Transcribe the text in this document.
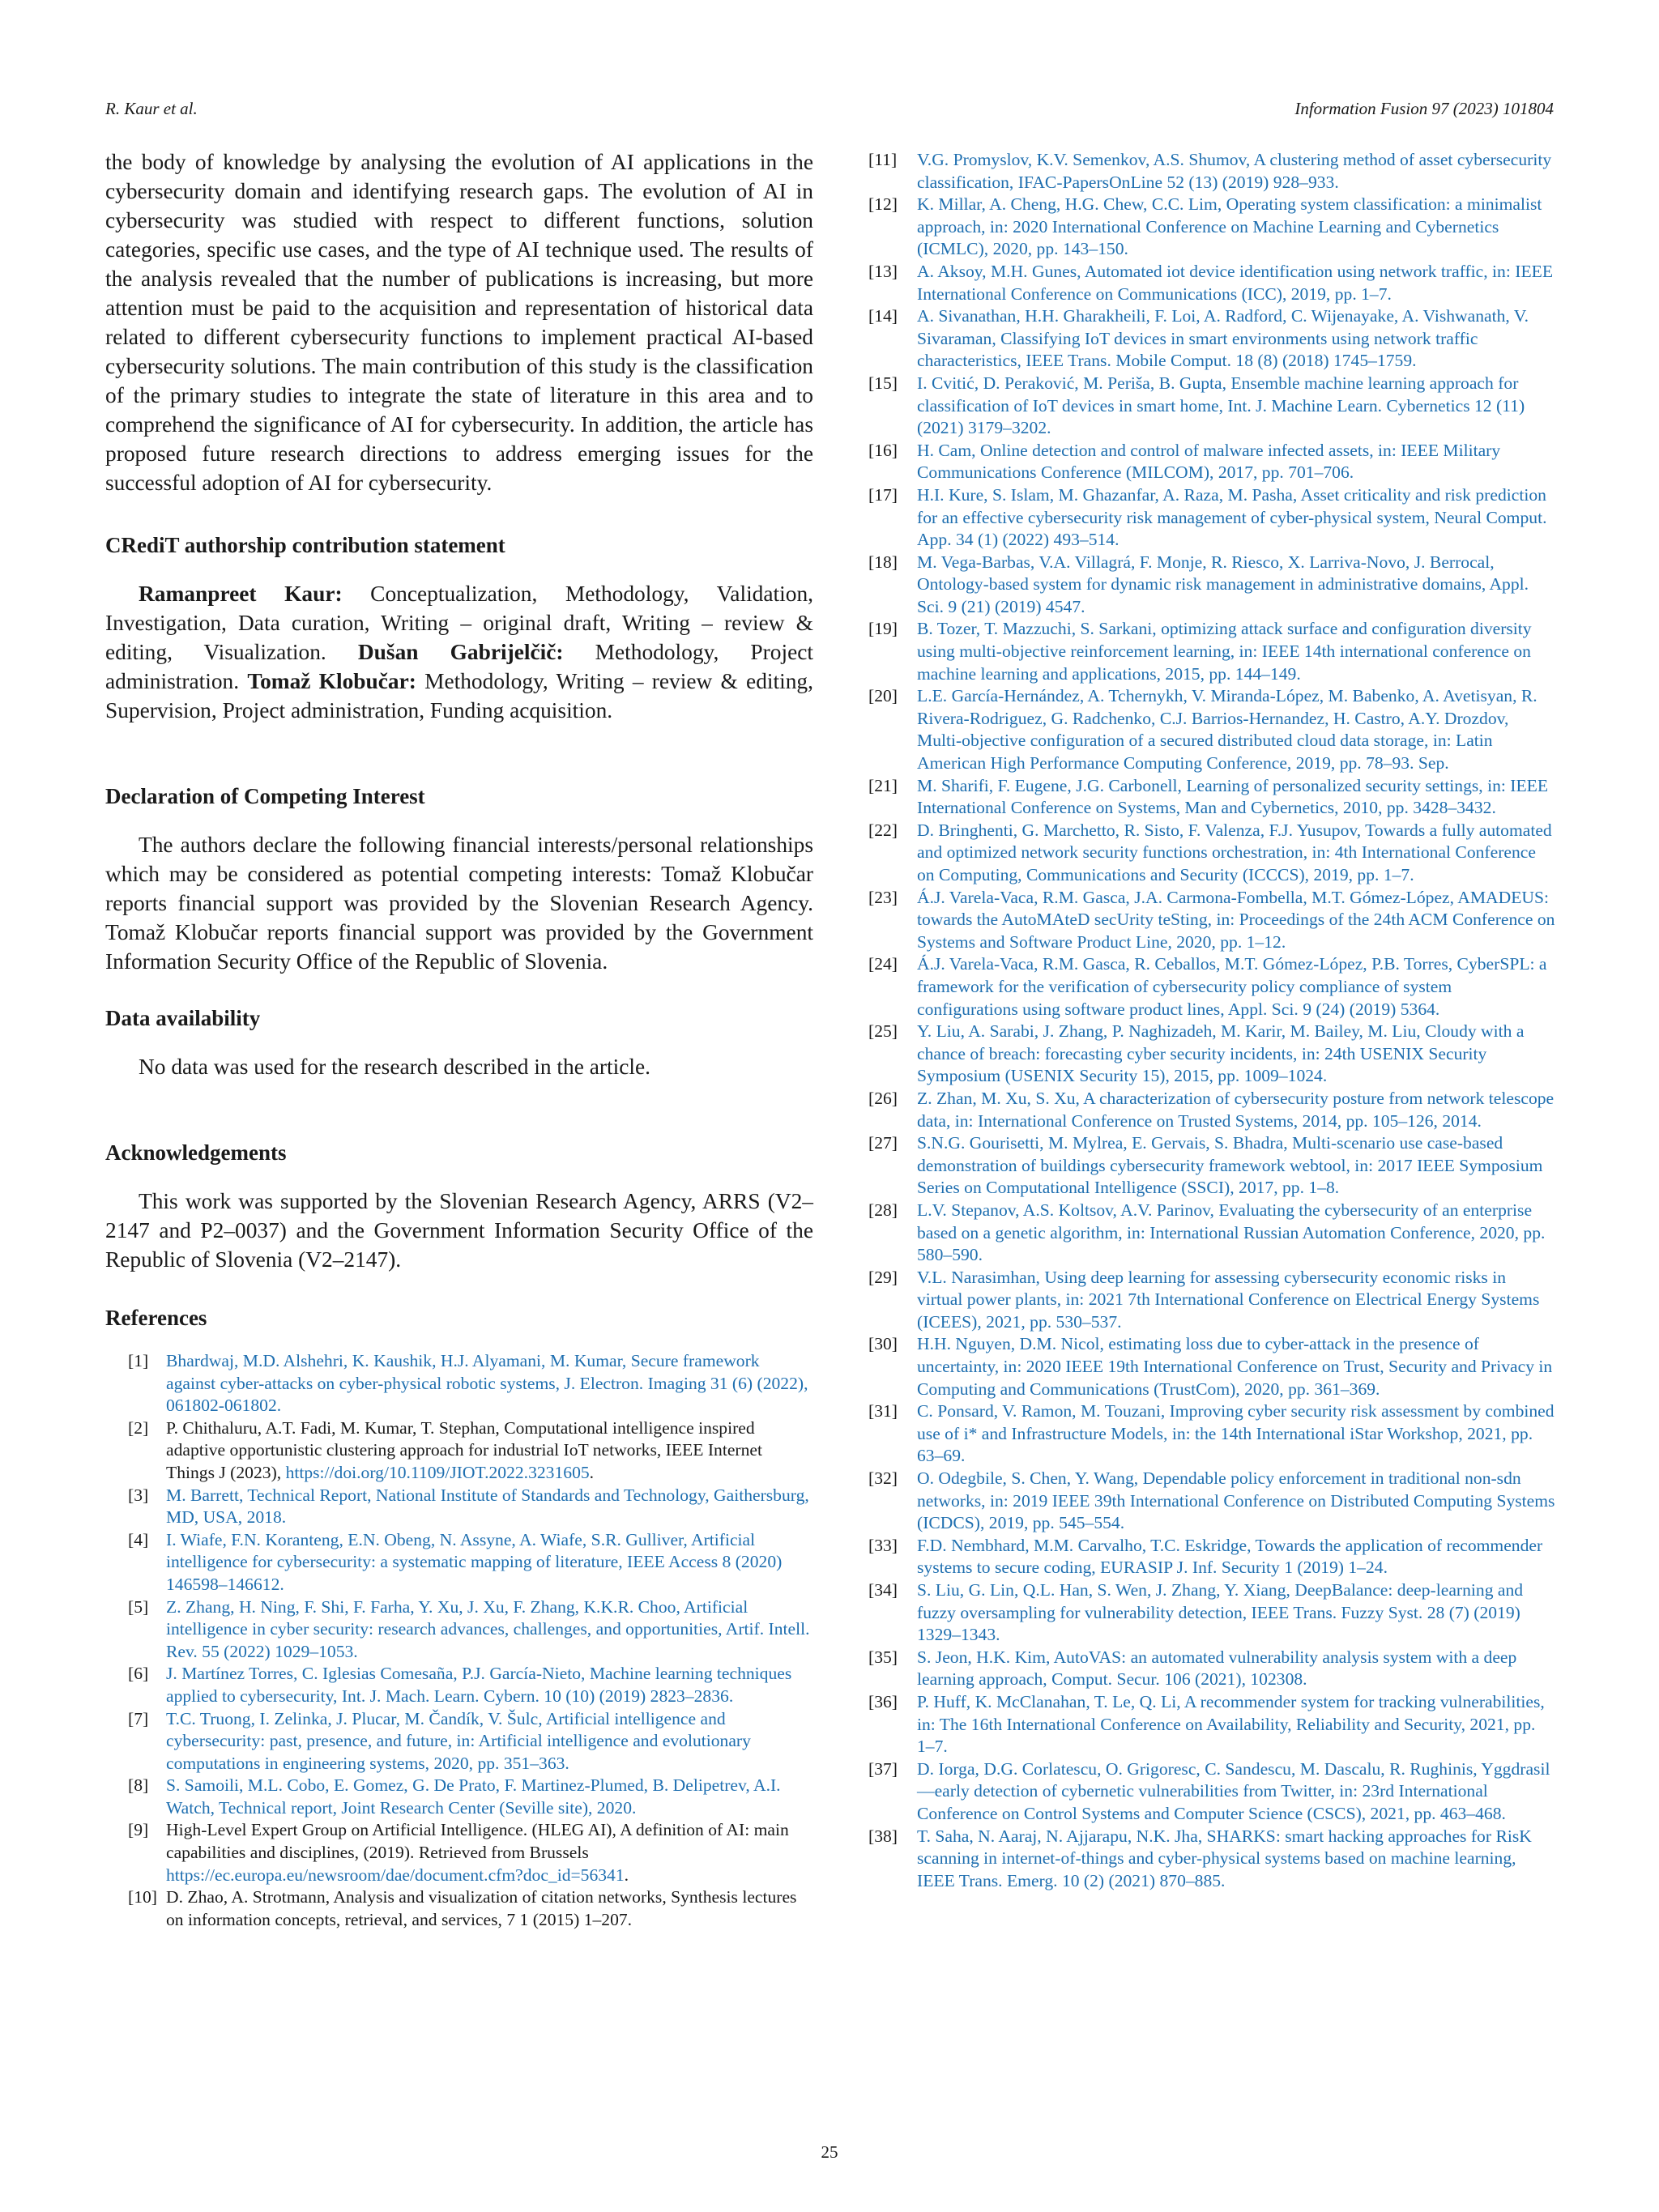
R. Kaur et al.	Information Fusion 97 (2023) 101804

the body of knowledge by analysing the evolution of AI applications in the cybersecurity domain and identifying research gaps. The evolution of AI in cybersecurity was studied with respect to different functions, solution categories, specific use cases, and the type of AI technique used. The results of the analysis revealed that the number of publications is increasing, but more attention must be paid to the acquisition and representation of historical data related to different cybersecurity functions to implement practical AI-based cybersecurity solutions. The main contribution of this study is the classification of the primary studies to integrate the state of literature in this area and to comprehend the significance of AI for cybersecurity. In addition, the article has proposed future research directions to address emerging issues for the successful adoption of AI for cybersecurity.

CRediT authorship contribution statement

Ramanpreet Kaur: Conceptualization, Methodology, Validation, Investigation, Data curation, Writing – original draft, Writing – review & editing, Visualization. Dušan Gabrijelčič: Methodology, Project administration. Tomaž Klobučar: Methodology, Writing – review & editing, Supervision, Project administration, Funding acquisition.

Declaration of Competing Interest

The authors declare the following financial interests/personal relationships which may be considered as potential competing interests: Tomaž Klobučar reports financial support was provided by the Slovenian Research Agency. Tomaž Klobučar reports financial support was provided by the Government Information Security Office of the Republic of Slovenia.

Data availability

No data was used for the research described in the article.

Acknowledgements

This work was supported by the Slovenian Research Agency, ARRS (V2–2147 and P2–0037) and the Government Information Security Office of the Republic of Slovenia (V2–2147).

References
[1] Bhardwaj, M.D. Alshehri, K. Kaushik, H.J. Alyamani, M. Kumar, Secure framework against cyber-attacks on cyber-physical robotic systems, J. Electron. Imaging 31 (6) (2022), 061802-061802.
[2] P. Chithaluru, A.T. Fadi, M. Kumar, T. Stephan, Computational intelligence inspired adaptive opportunistic clustering approach for industrial IoT networks, IEEE Internet Things J (2023), https://doi.org/10.1109/JIOT.2022.3231605.
[3] M. Barrett, Technical Report, National Institute of Standards and Technology, Gaithersburg, MD, USA, 2018.
[4] I. Wiafe, F.N. Koranteng, E.N. Obeng, N. Assyne, A. Wiafe, S.R. Gulliver, Artificial intelligence for cybersecurity: a systematic mapping of literature, IEEE Access 8 (2020) 146598–146612.
[5] Z. Zhang, H. Ning, F. Shi, F. Farha, Y. Xu, J. Xu, F. Zhang, K.K.R. Choo, Artificial intelligence in cyber security: research advances, challenges, and opportunities, Artif. Intell. Rev. 55 (2022) 1029–1053.
[6] J. Martínez Torres, C. Iglesias Comesaña, P.J. García-Nieto, Machine learning techniques applied to cybersecurity, Int. J. Mach. Learn. Cybern. 10 (10) (2019) 2823–2836.
[7] T.C. Truong, I. Zelinka, J. Plucar, M. Čandík, V. Šulc, Artificial intelligence and cybersecurity: past, presence, and future, in: Artificial intelligence and evolutionary computations in engineering systems, 2020, pp. 351–363.
[8] S. Samoili, M.L. Cobo, E. Gomez, G. De Prato, F. Martinez-Plumed, B. Delipetrev, A.I. Watch, Technical report, Joint Research Center (Seville site), 2020.
[9] High-Level Expert Group on Artificial Intelligence. (HLEG AI), A definition of AI: main capabilities and disciplines, (2019). Retrieved from Brussels https://ec.europa.eu/newsroom/dae/document.cfm?doc_id=56341.
[10] D. Zhao, A. Strotmann, Analysis and visualization of citation networks, Synthesis lectures on information concepts, retrieval, and services, 7 1 (2015) 1–207.
[11] V.G. Promyslov, K.V. Semenkov, A.S. Shumov, A clustering method of asset cybersecurity classification, IFAC-PapersOnLine 52 (13) (2019) 928–933.
[12] K. Millar, A. Cheng, H.G. Chew, C.C. Lim, Operating system classification: a minimalist approach, in: 2020 International Conference on Machine Learning and Cybernetics (ICMLC), 2020, pp. 143–150.
[13] A. Aksoy, M.H. Gunes, Automated iot device identification using network traffic, in: IEEE International Conference on Communications (ICC), 2019, pp. 1–7.
[14] A. Sivanathan, H.H. Gharakheili, F. Loi, A. Radford, C. Wijenayake, A. Vishwanath, V. Sivaraman, Classifying IoT devices in smart environments using network traffic characteristics, IEEE Trans. Mobile Comput. 18 (8) (2018) 1745–1759.
[15] I. Cvitić, D. Peraković, M. Periša, B. Gupta, Ensemble machine learning approach for classification of IoT devices in smart home, Int. J. Machine Learn. Cybernetics 12 (11) (2021) 3179–3202.
[16] H. Cam, Online detection and control of malware infected assets, in: IEEE Military Communications Conference (MILCOM), 2017, pp. 701–706.
[17] H.I. Kure, S. Islam, M. Ghazanfar, A. Raza, M. Pasha, Asset criticality and risk prediction for an effective cybersecurity risk management of cyber-physical system, Neural Comput. App. 34 (1) (2022) 493–514.
[18] M. Vega-Barbas, V.A. Villagrá, F. Monje, R. Riesco, X. Larriva-Novo, J. Berrocal, Ontology-based system for dynamic risk management in administrative domains, Appl. Sci. 9 (21) (2019) 4547.
[19] B. Tozer, T. Mazzuchi, S. Sarkani, optimizing attack surface and configuration diversity using multi-objective reinforcement learning, in: IEEE 14th international conference on machine learning and applications, 2015, pp. 144–149.
[20] L.E. García-Hernández, A. Tchernykh, V. Miranda-López, M. Babenko, A. Avetisyan, R. Rivera-Rodriguez, G. Radchenko, C.J. Barrios-Hernandez, H. Castro, A.Y. Drozdov, Multi-objective configuration of a secured distributed cloud data storage, in: Latin American High Performance Computing Conference, 2019, pp. 78–93. Sep.
[21] M. Sharifi, F. Eugene, J.G. Carbonell, Learning of personalized security settings, in: IEEE International Conference on Systems, Man and Cybernetics, 2010, pp. 3428–3432.
[22] D. Bringhenti, G. Marchetto, R. Sisto, F. Valenza, F.J. Yusupov, Towards a fully automated and optimized network security functions orchestration, in: 4th International Conference on Computing, Communications and Security (ICCCS), 2019, pp. 1–7.
[23] Á.J. Varela-Vaca, R.M. Gasca, J.A. Carmona-Fombella, M.T. Gómez-López, AMADEUS: towards the AutoMAteD secUrity teSting, in: Proceedings of the 24th ACM Conference on Systems and Software Product Line, 2020, pp. 1–12.
[24] Á.J. Varela-Vaca, R.M. Gasca, R. Ceballos, M.T. Gómez-López, P.B. Torres, CyberSPL: a framework for the verification of cybersecurity policy compliance of system configurations using software product lines, Appl. Sci. 9 (24) (2019) 5364.
[25] Y. Liu, A. Sarabi, J. Zhang, P. Naghizadeh, M. Karir, M. Bailey, M. Liu, Cloudy with a chance of breach: forecasting cyber security incidents, in: 24th USENIX Security Symposium (USENIX Security 15), 2015, pp. 1009–1024.
[26] Z. Zhan, M. Xu, S. Xu, A characterization of cybersecurity posture from network telescope data, in: International Conference on Trusted Systems, 2014, pp. 105–126, 2014.
[27] S.N.G. Gourisetti, M. Mylrea, E. Gervais, S. Bhadra, Multi-scenario use case-based demonstration of buildings cybersecurity framework webtool, in: 2017 IEEE Symposium Series on Computational Intelligence (SSCI), 2017, pp. 1–8.
[28] L.V. Stepanov, A.S. Koltsov, A.V. Parinov, Evaluating the cybersecurity of an enterprise based on a genetic algorithm, in: International Russian Automation Conference, 2020, pp. 580–590.
[29] V.L. Narasimhan, Using deep learning for assessing cybersecurity economic risks in virtual power plants, in: 2021 7th International Conference on Electrical Energy Systems (ICEES), 2021, pp. 530–537.
[30] H.H. Nguyen, D.M. Nicol, estimating loss due to cyber-attack in the presence of uncertainty, in: 2020 IEEE 19th International Conference on Trust, Security and Privacy in Computing and Communications (TrustCom), 2020, pp. 361–369.
[31] C. Ponsard, V. Ramon, M. Touzani, Improving cyber security risk assessment by combined use of i* and Infrastructure Models, in: the 14th International iStar Workshop, 2021, pp. 63–69.
[32] O. Odegbile, S. Chen, Y. Wang, Dependable policy enforcement in traditional non-sdn networks, in: 2019 IEEE 39th International Conference on Distributed Computing Systems (ICDCS), 2019, pp. 545–554.
[33] F.D. Nembhard, M.M. Carvalho, T.C. Eskridge, Towards the application of recommender systems to secure coding, EURASIP J. Inf. Security 1 (2019) 1–24.
[34] S. Liu, G. Lin, Q.L. Han, S. Wen, J. Zhang, Y. Xiang, DeepBalance: deep-learning and fuzzy oversampling for vulnerability detection, IEEE Trans. Fuzzy Syst. 28 (7) (2019) 1329–1343.
[35] S. Jeon, H.K. Kim, AutoVAS: an automated vulnerability analysis system with a deep learning approach, Comput. Secur. 106 (2021), 102308.
[36] P. Huff, K. McClanahan, T. Le, Q. Li, A recommender system for tracking vulnerabilities, in: The 16th International Conference on Availability, Reliability and Security, 2021, pp. 1–7.
[37] D. Iorga, D.G. Corlatescu, O. Grigoresc, C. Sandescu, M. Dascalu, R. Rughinis, Yggdrasil—early detection of cybernetic vulnerabilities from Twitter, in: 23rd International Conference on Control Systems and Computer Science (CSCS), 2021, pp. 463–468.
[38] T. Saha, N. Aaraj, N. Ajjarapu, N.K. Jha, SHARKS: smart hacking approaches for RisK scanning in internet-of-things and cyber-physical systems based on machine learning, IEEE Trans. Emerg. 10 (2) (2021) 870–885.
25
